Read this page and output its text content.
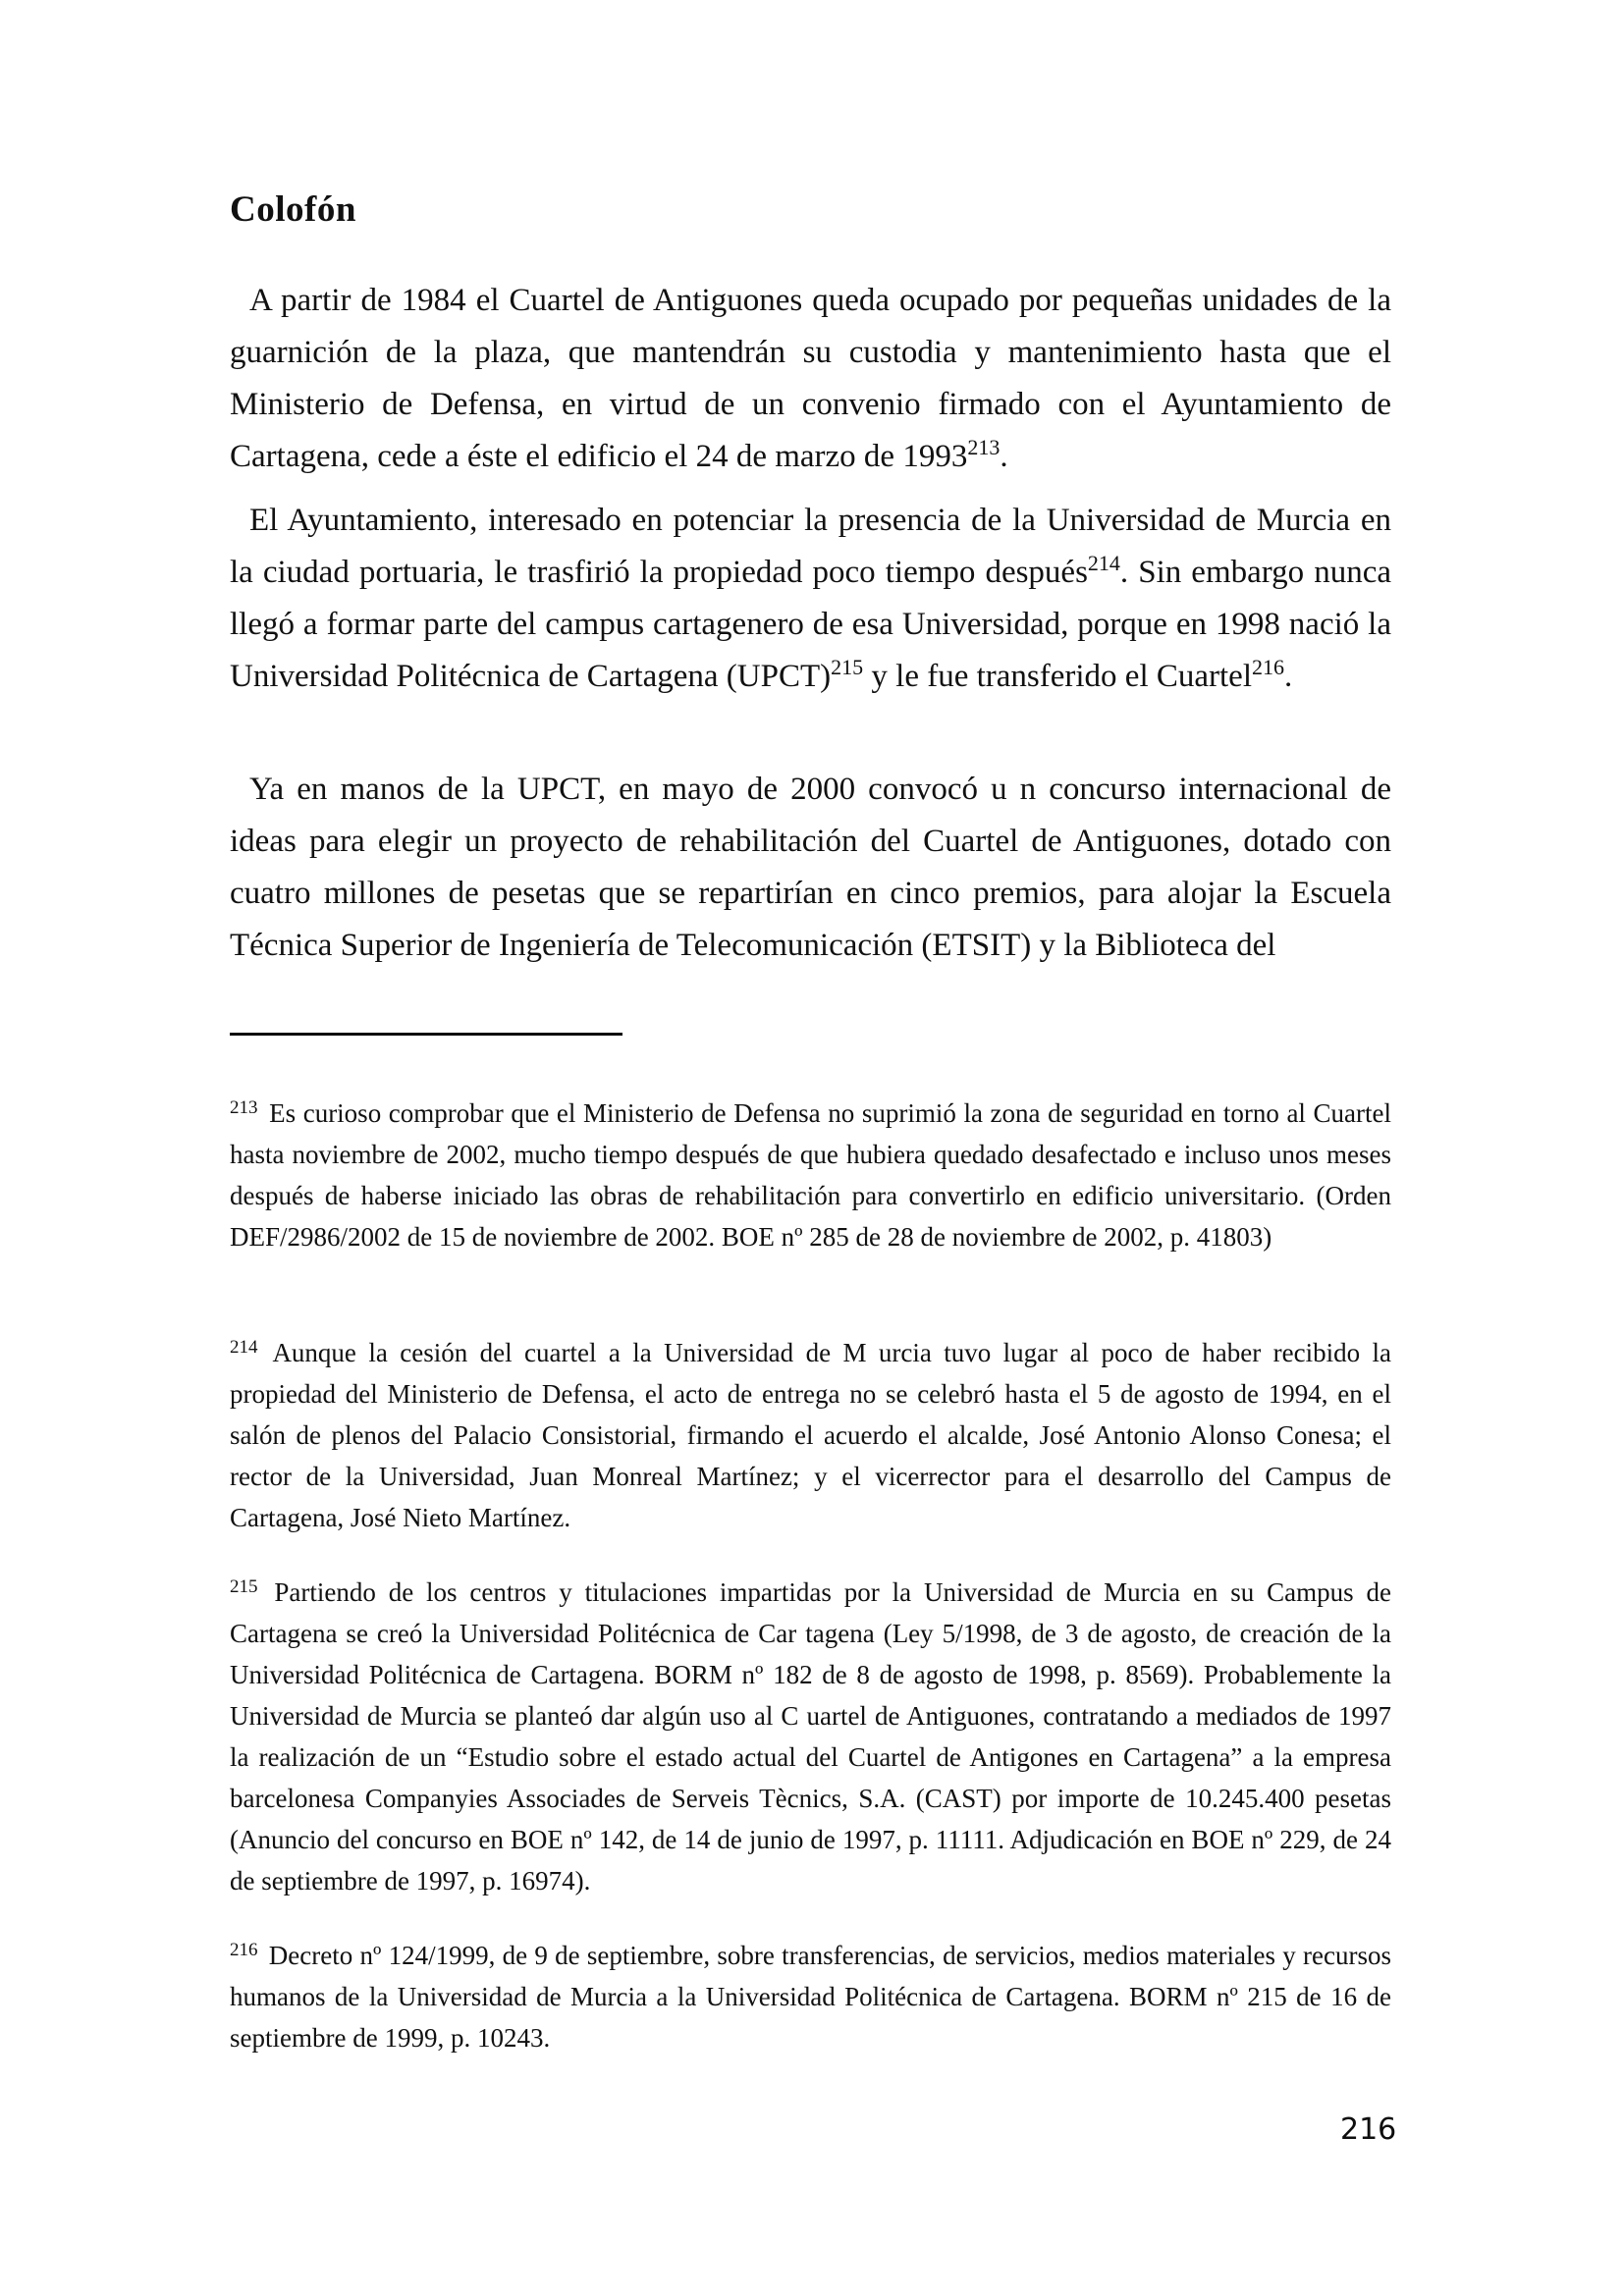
Colofón

A partir de 1984 el Cuartel de Antiguones queda ocupado por pequeñas unidades de la guarnición de la plaza, que mantendrán su custodia y mantenimiento hasta que el Ministerio de Defensa, en virtud de un convenio firmado con el Ayuntamiento de Cartagena, cede a éste el edificio el 24 de marzo de 1993$^{213}$.

El Ayuntamiento, interesado en potenciar la presencia de la Universidad de Murcia en la ciudad portuaria, le trasfirió la propiedad poco tiempo después$^{214}$. Sin embargo nunca llegó a formar parte del campus cartagenero de esa Universidad, porque en 1998 nació la Universidad Politécnica de Cartagena (UPCT)$^{215}$ y le fue transferido el Cuartel$^{216}$.

Ya en manos de la UPCT, en mayo de 2000 convocó u n concurso internacional de ideas para elegir un proyecto de rehabilitación del Cuartel de Antiguones, dotado con cuatro millones de pesetas que se repartirían en cinco premios, para alojar la Escuela Técnica Superior de Ingeniería de Telecomunicación (ETSIT) y la Biblioteca del

$^{213}$ Es curioso comprobar que el Ministerio de Defensa no suprimió la zona de seguridad en torno al Cuartel hasta noviembre de 2002, mucho tiempo después de que hubiera quedado desafectado e incluso unos meses después de haberse iniciado las obras de rehabilitación para convertirlo en edificio universitario. (Orden DEF/2986/2002 de 15 de noviembre de 2002. BOE nº 285 de 28 de noviembre de 2002, p. 41803)

$^{214}$ Aunque la cesión del cuartel a la Universidad de M urcia tuvo lugar al poco de haber recibido la propiedad del Ministerio de Defensa, el acto de entrega no se celebró hasta el 5 de agosto de 1994, en el salón de plenos del Palacio Consistorial, firmando el acuerdo el alcalde, José Antonio Alonso Conesa; el rector de la Universidad, Juan Monreal Martínez; y el vicerrector para el desarrollo del Campus de Cartagena, José Nieto Martínez.

$^{215}$ Partiendo de los centros y titulaciones impartidas por la Universidad de Murcia en su Campus de Cartagena se creó la Universidad Politécnica de Car tagena (Ley 5/1998, de 3 de agosto, de creación de la Universidad Politécnica de Cartagena. BORM nº 182 de 8 de agosto de 1998, p. 8569). Probablemente la Universidad de Murcia se planteó dar algún uso al C uartel de Antiguones, contratando a mediados de 1997 la realización de un “Estudio sobre el estado actual del Cuartel de Antigones en Cartagena” a la empresa barcelonesa Companyies Associades de Serveis Tècnics, S.A. (CAST) por importe de 10.245.400 pesetas (Anuncio del concurso en BOE nº 142, de 14 de junio de 1997, p. 11111. Adjudicación en BOE nº 229, de 24 de septiembre de 1997, p. 16974).

$^{216}$ Decreto nº 124/1999, de 9 de septiembre, sobre transferencias, de servicios, medios materiales y recursos humanos de la Universidad de Murcia a la Universidad Politécnica de Cartagena. BORM nº 215 de 16 de septiembre de 1999, p. 10243.

216
